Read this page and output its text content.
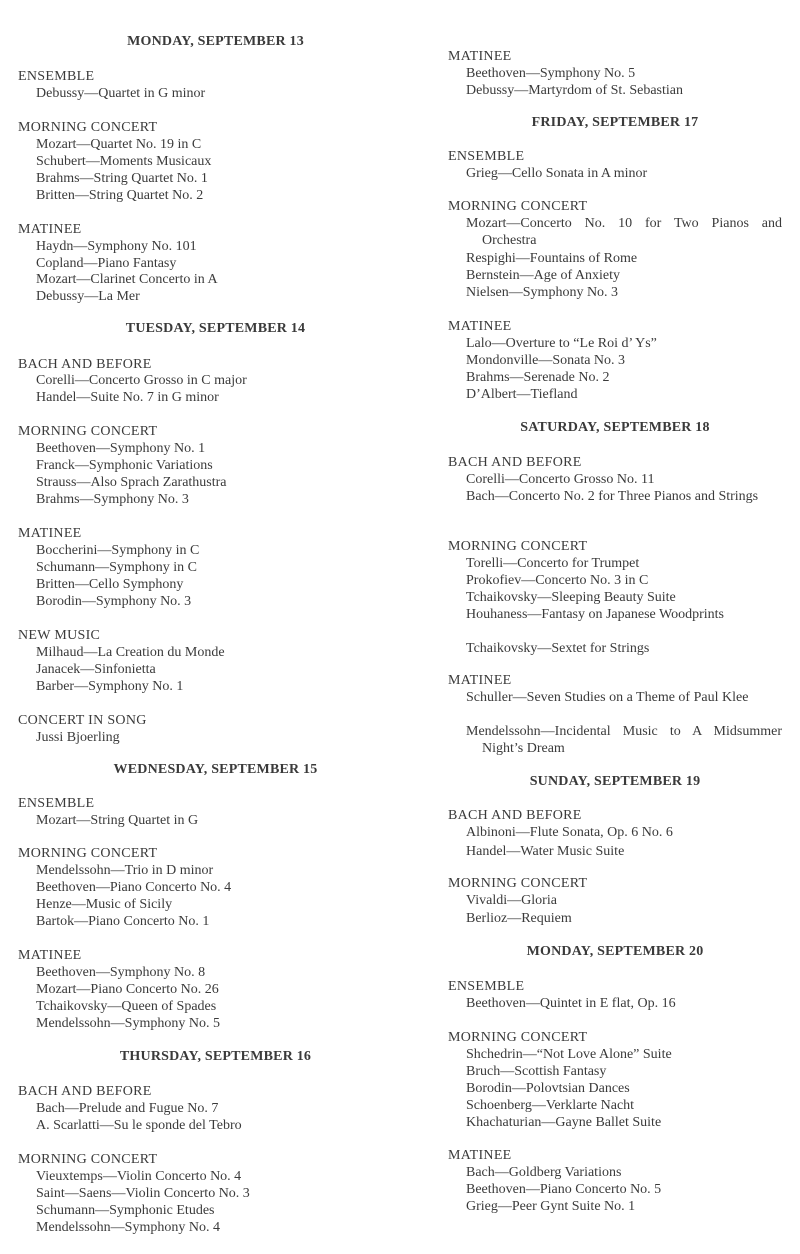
MONDAY, SEPTEMBER 13
ENSEMBLE
Debussy—Quartet in G minor
MORNING CONCERT
Mozart—Quartet No. 19 in C
Schubert—Moments Musicaux
Brahms—String Quartet No. 1
Britten—String Quartet No. 2
MATINEE
Haydn—Symphony No. 101
Copland—Piano Fantasy
Mozart—Clarinet Concerto in A
Debussy—La Mer
TUESDAY, SEPTEMBER 14
BACH AND BEFORE
Corelli—Concerto Grosso in C major
Handel—Suite No. 7 in G minor
MORNING CONCERT
Beethoven—Symphony No. 1
Franck—Symphonic Variations
Strauss—Also Sprach Zarathustra
Brahms—Symphony No. 3
MATINEE
Boccherini—Symphony in C
Schumann—Symphony in C
Britten—Cello Symphony
Borodin—Symphony No. 3
NEW MUSIC
Milhaud—La Creation du Monde
Janacek—Sinfonietta
Barber—Symphony No. 1
CONCERT IN SONG
Jussi Bjoerling
WEDNESDAY, SEPTEMBER 15
ENSEMBLE
Mozart—String Quartet in G
MORNING CONCERT
Mendelssohn—Trio in D minor
Beethoven—Piano Concerto No. 4
Henze—Music of Sicily
Bartok—Piano Concerto No. 1
MATINEE
Beethoven—Symphony No. 8
Mozart—Piano Concerto No. 26
Tchaikovsky—Queen of Spades
Mendelssohn—Symphony No. 5
THURSDAY, SEPTEMBER 16
BACH AND BEFORE
Bach—Prelude and Fugue No. 7
A. Scarlatti—Su le sponde del Tebro
MORNING CONCERT
Vieuxtemps—Violin Concerto No. 4
Saint—Saens—Violin Concerto No. 3
Schumann—Symphonic Etudes
Mendelssohn—Symphony No. 4
MATINEE
Beethoven—Symphony No. 5
Debussy—Martyrdom of St. Sebastian
FRIDAY, SEPTEMBER 17
ENSEMBLE
Grieg—Cello Sonata in A minor
MORNING CONCERT
Mozart—Concerto No. 10 for Two Pianos and Orchestra
Respighi—Fountains of Rome
Bernstein—Age of Anxiety
Nielsen—Symphony No. 3
MATINEE
Lalo—Overture to “Le Roi d’ Ys”
Mondonville—Sonata No. 3
Brahms—Serenade No. 2
D’Albert—Tiefland
SATURDAY, SEPTEMBER 18
BACH AND BEFORE
Corelli—Concerto Grosso No. 11
Bach—Concerto No. 2 for Three Pianos and Strings
MORNING CONCERT
Torelli—Concerto for Trumpet
Prokofiev—Concerto No. 3 in C
Tchaikovsky—Sleeping Beauty Suite
Houhaness—Fantasy on Japanese Woodprints
Tchaikovsky—Sextet for Strings
MATINEE
Schuller—Seven Studies on a Theme of Paul Klee
Mendelssohn—Incidental Music to A Midsummer Night’s Dream
SUNDAY, SEPTEMBER 19
BACH AND BEFORE
Albinoni—Flute Sonata, Op. 6 No. 6
Handel—Water Music Suite
MORNING CONCERT
Vivaldi—Gloria
Berlioz—Requiem
MONDAY, SEPTEMBER 20
ENSEMBLE
Beethoven—Quintet in E flat, Op. 16
MORNING CONCERT
Shchedrin—“Not Love Alone” Suite
Bruch—Scottish Fantasy
Borodin—Polovtsian Dances
Schoenberg—Verklarte Nacht
Khachaturian—Gayne Ballet Suite
MATINEE
Bach—Goldberg Variations
Beethoven—Piano Concerto No. 5
Grieg—Peer Gynt Suite No. 1
